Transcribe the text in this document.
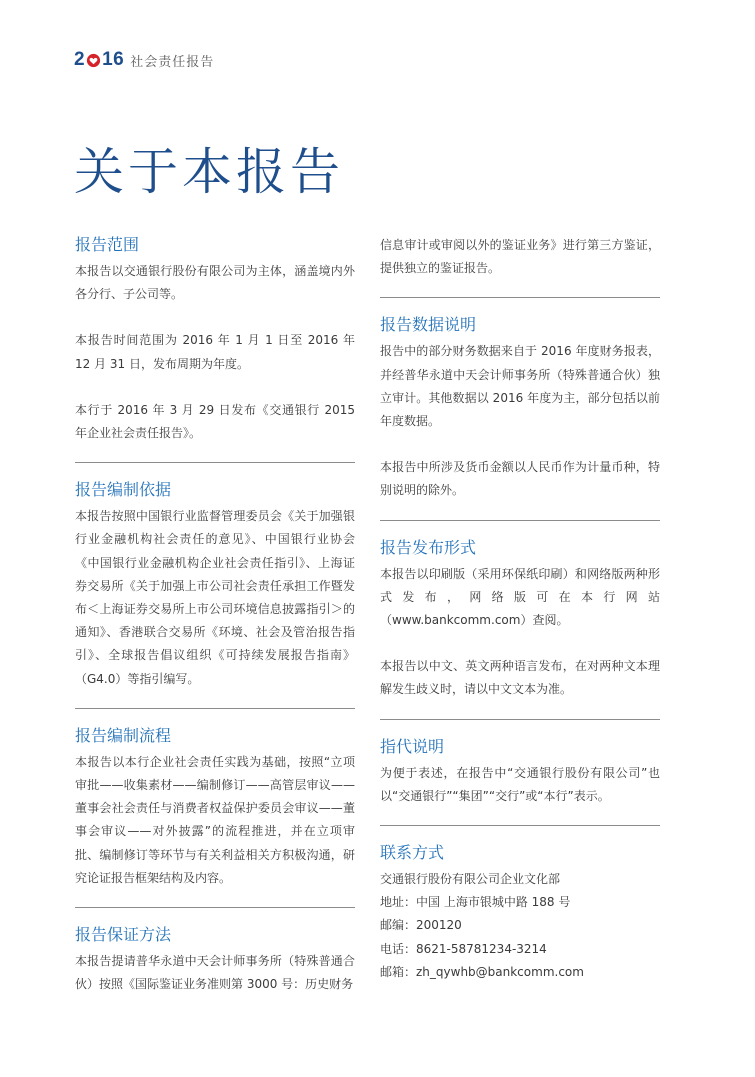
2 16 社会责任报告
关于本报告
报告范围

本报告以交通银行股份有限公司为主体，涵盖境内外各分行、子公司等。

本报告时间范围为 2016 年 1 月 1 日至 2016 年 12 月 31 日，发布周期为年度。

本行于 2016 年 3 月 29 日发布《交通银行 2015 年企业社会责任报告》。

报告编制依据

本报告按照中国银行业监督管理委员会《关于加强银行业金融机构社会责任的意见》、中国银行业协会《中国银行业金融机构企业社会责任指引》、上海证券交易所《关于加强上市公司社会责任承担工作暨发布＜上海证券交易所上市公司环境信息披露指引＞的通知》、香港联合交易所《环境、社会及管治报告指引》、全球报告倡议组织《可持续发展报告指南》（G4.0）等指引编写。

报告编制流程

本报告以本行企业社会责任实践为基础，按照“立项审批——收集素材——编制修订——高管层审议——董事会社会责任与消费者权益保护委员会审议——董事会审议——对外披露”的流程推进，并在立项审批、编制修订等环节与有关利益相关方积极沟通，研究论证报告框架结构及内容。

报告保证方法

本报告提请普华永道中天会计师事务所（特殊普通合伙）按照《国际鉴证业务准则第 3000 号：历史财务

信息审计或审阅以外的鉴证业务》进行第三方鉴证，提供独立的鉴证报告。

报告数据说明

报告中的部分财务数据来自于 2016 年度财务报表，并经普华永道中天会计师事务所（特殊普通合伙）独立审计。其他数据以 2016 年度为主，部分包括以前年度数据。

本报告中所涉及货币金额以人民币作为计量币种，特别说明的除外。

报告发布形式

本报告以印刷版（采用环保纸印刷）和网络版两种形式发布，网络版可在本行网站（www.bankcomm.com）查阅。

本报告以中文、英文两种语言发布，在对两种文本理解发生歧义时，请以中文文本为准。

指代说明

为便于表述，在报告中“交通银行股份有限公司”也以“交通银行”“集团”“交行”或“本行”表示。

联系方式

交通银行股份有限公司企业文化部

地址：中国 上海市银城中路 188 号

邮编：200120

电话：8621-58781234-3214

邮箱：zh_qywhb@bankcomm.com
